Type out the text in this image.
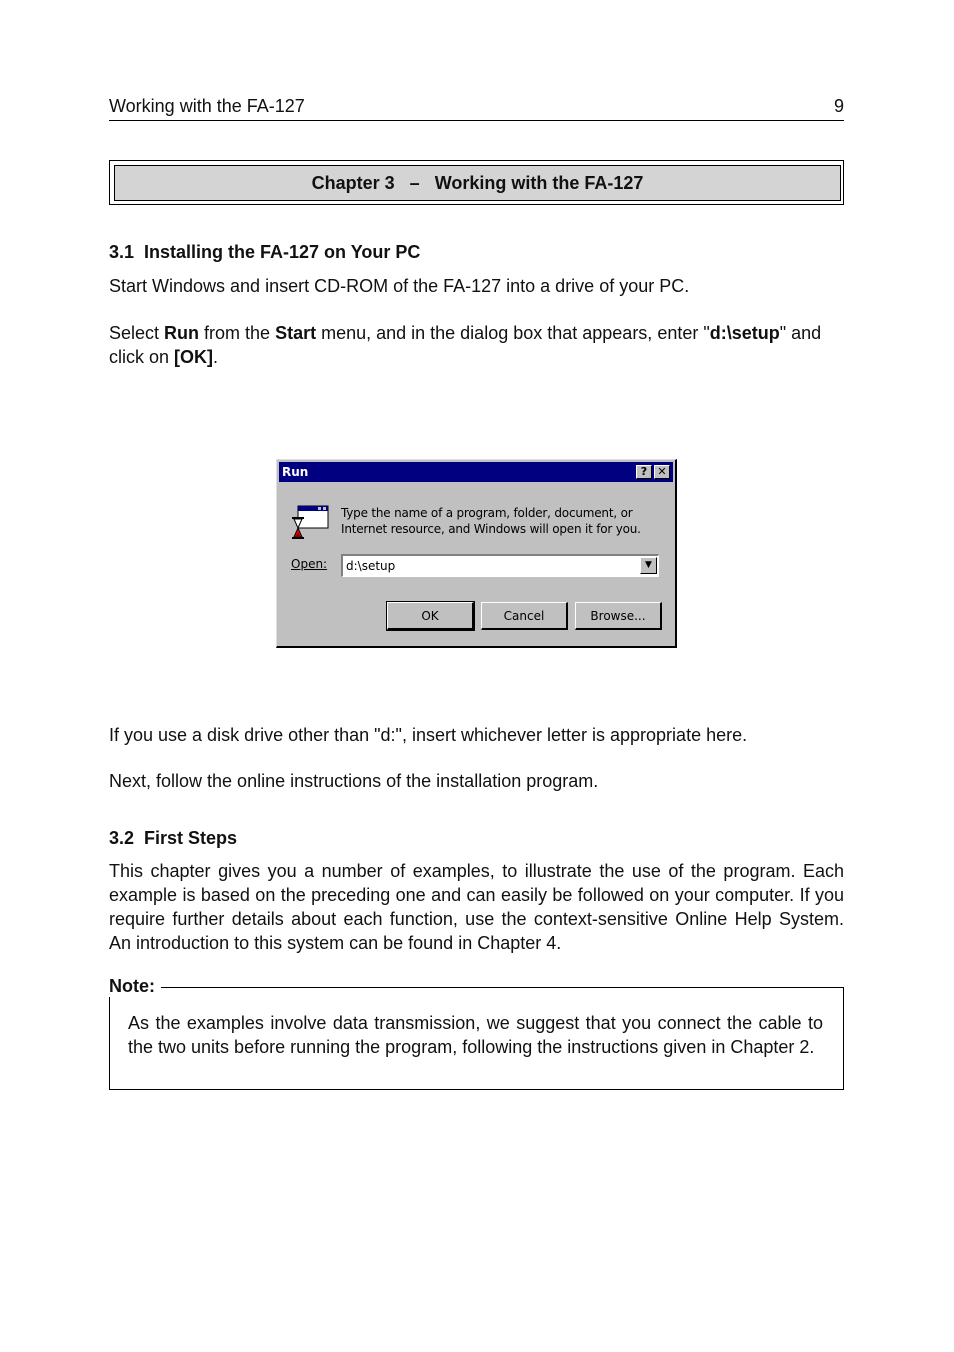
Working with the FA-127	9
Chapter 3
–
Working with the FA-127
3.1  Installing the FA-127 on Your PC
Start Windows and insert CD-ROM of the FA-127 into a drive of your PC.
Select Run from the Start menu, and in the dialog box that appears, enter "d:\setup" and click on [OK].
Run	? ✕
Type the name of a program, folder, document, or Internet resource, and Windows will open it for you.
Open: d:\setup	▼
OK	Cancel	Browse...
If you use a disk drive other than "d:", insert whichever letter is appropriate here.
Next, follow the online instructions of the installation program.
3.2  First Steps
This chapter gives you a number of examples, to illustrate the use of the program. Each example is based on the preceding one and can easily be followed on your computer. If you require further details about each function, use the context-sensitive Online Help System. An introduction to this system can be found in Chapter 4.
Note:
As the examples involve data transmission, we suggest that you connect the cable to the two units before running the program, following the instructions given in Chapter 2.
